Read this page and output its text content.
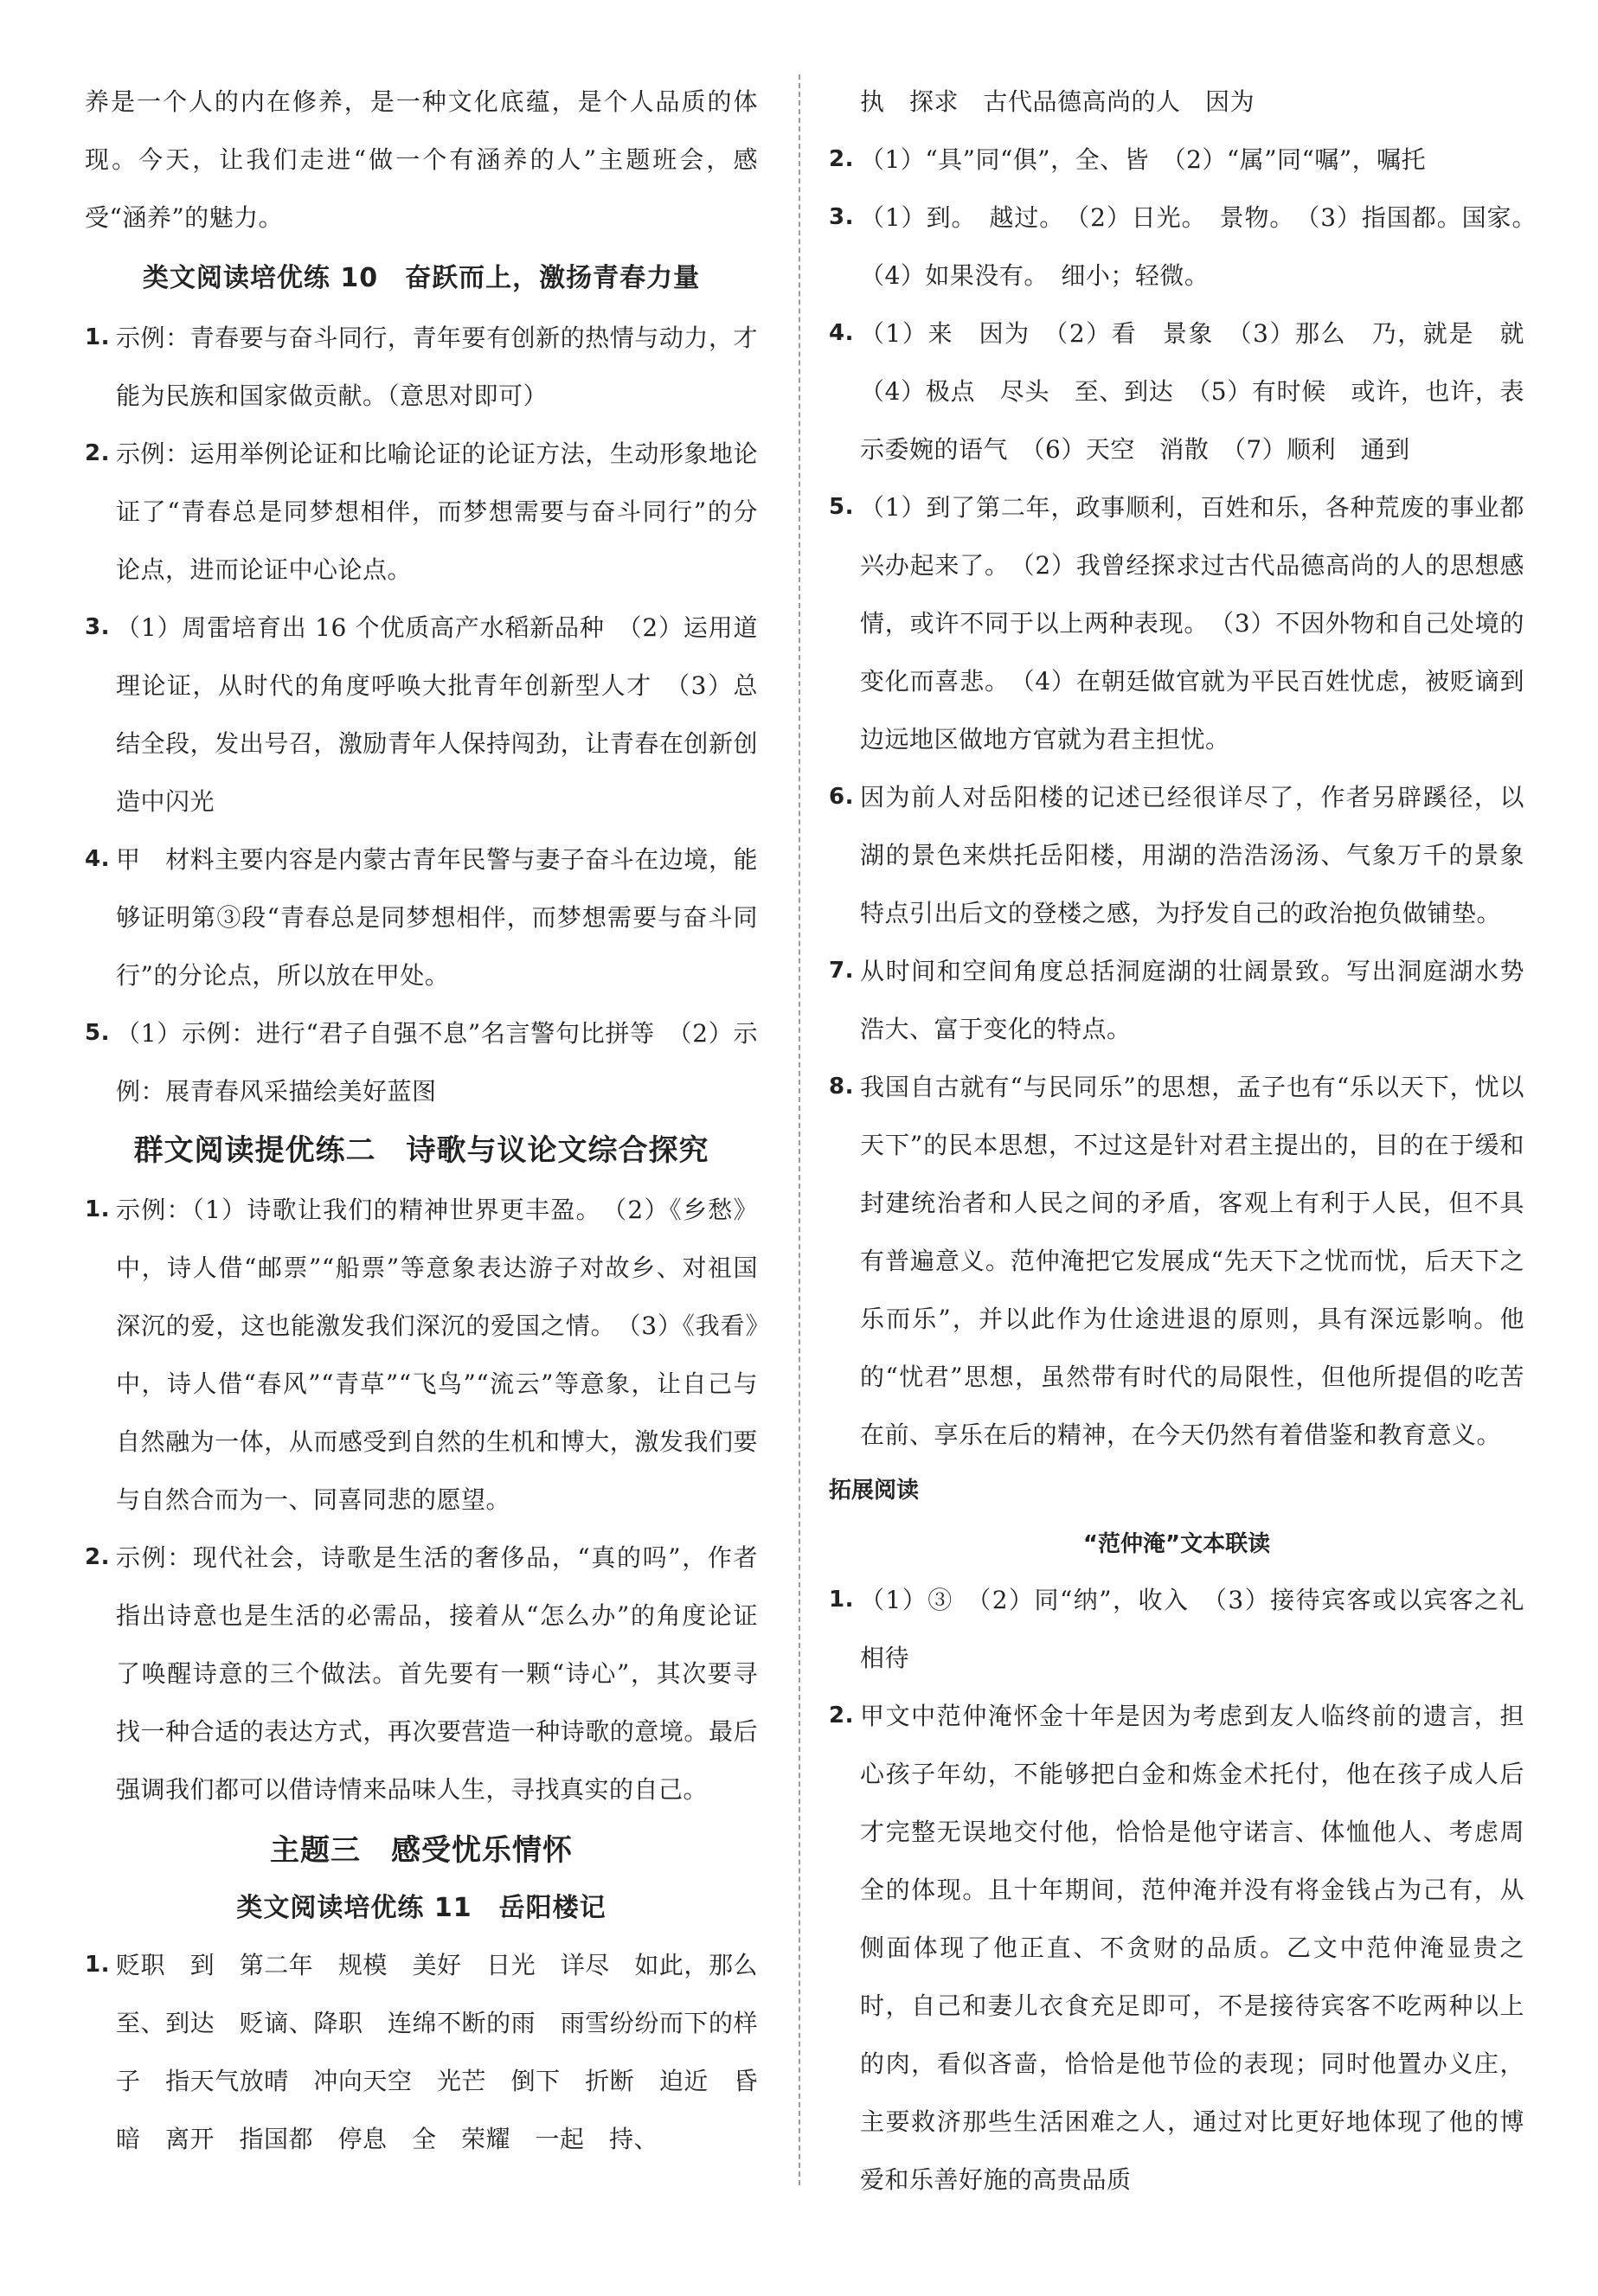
养是一个人的内在修养，是一种文化底蕴，是个人品质的体现。今天，让我们走进“做一个有涵养的人”主题班会，感受“涵养”的魅力。
类文阅读培优练 10　奋跃而上，激扬青春力量
1. 示例：青春要与奋斗同行，青年要有创新的热情与动力，才能为民族和国家做贡献。（意思对即可）
2. 示例：运用举例论证和比喻论证的论证方法，生动形象地论证了“青春总是同梦想相伴，而梦想需要与奋斗同行”的分论点，进而论证中心论点。
3. （1）周雷培育出 16 个优质高产水稻新品种　（2）运用道理论证，从时代的角度呼唤大批青年创新型人才　（3）总结全段，发出号召，激励青年人保持闯劲，让青春在创新创造中闪光
4. 甲　材料主要内容是内蒙古青年民警与妻子奋斗在边境，能够证明第③段“青春总是同梦想相伴，而梦想需要与奋斗同行”的分论点，所以放在甲处。
5. （1）示例：进行“君子自强不息”名言警句比拼等　（2）示例：展青春风采描绘美好蓝图
群文阅读提优练二　诗歌与议论文综合探究
1. 示例：（1）诗歌让我们的精神世界更丰盈。　（2）《乡愁》中，诗人借“邮票”“船票”等意象表达游子对故乡、对祖国深沉的爱，这也能激发我们深沉的爱国之情。　（3）《我看》中，诗人借“春风”“青草”“飞鸟”“流云”等意象，让自己与自然融为一体，从而感受到自然的生机和博大，激发我们要与自然合而为一、同喜同悲的愿望。
2. 示例：现代社会，诗歌是生活的奢侈品，“真的吗”，作者指出诗意也是生活的必需品，接着从“怎么办”的角度论证了唤醒诗意的三个做法。首先要有一颗“诗心”，其次要寻找一种合适的表达方式，再次要营造一种诗歌的意境。最后强调我们都可以借诗情来品味人生，寻找真实的自己。
主题三　感受忧乐情怀
类文阅读培优练 11　岳阳楼记
1. 贬职　到　第二年　规模　美好　日光　详尽　如此，那么　至、到达　贬谪、降职　连绵不断的雨　雨雪纷纷而下的样子　指天气放晴　冲向天空　光芒　倒下　折断　迫近　昏暗　离开　指国都　停息　全　荣耀　一起　持、
执　探求　古代品德高尚的人　因为
2. （1）“具”同“俱”，全、皆　（2）“属”同“嘱”，嘱托
3. （1）到。　越过。　（2）日光。　景物。　（3）指国都。国家。　（4）如果没有。　细小；轻微。
4. （1）来　因为　（2）看　景象　（3）那么　乃，就是　就　（4）极点　尽头　至、到达　（5）有时候　或许，也许，表示委婉的语气　（6）天空　消散　（7）顺利　通到
5. （1）到了第二年，政事顺利，百姓和乐，各种荒废的事业都兴办起来了。　（2）我曾经探求过古代品德高尚的人的思想感情，或许不同于以上两种表现。　（3）不因外物和自己处境的变化而喜悲。　（4）在朝廷做官就为平民百姓忧虑，被贬谪到边远地区做地方官就为君主担忧。
6. 因为前人对岳阳楼的记述已经很详尽了，作者另辟蹊径，以湖的景色来烘托岳阳楼，用湖的浩浩汤汤、气象万千的景象特点引出后文的登楼之感，为抒发自己的政治抱负做铺垫。
7. 从时间和空间角度总括洞庭湖的壮阔景致。写出洞庭湖水势浩大、富于变化的特点。
8. 我国自古就有“与民同乐”的思想，孟子也有“乐以天下，忧以天下”的民本思想，不过这是针对君主提出的，目的在于缓和封建统治者和人民之间的矛盾，客观上有利于人民，但不具有普遍意义。范仲淹把它发展成“先天下之忧而忧，后天下之乐而乐”，并以此作为仕途进退的原则，具有深远影响。他的“忧君”思想，虽然带有时代的局限性，但他所提倡的吃苦在前、享乐在后的精神，在今天仍然有着借鉴和教育意义。
拓展阅读
“范仲淹”文本联读
1. （1）③　（2）同“纳”，收入　（3）接待宾客或以宾客之礼相待
2. 甲文中范仲淹怀金十年是因为考虑到友人临终前的遗言，担心孩子年幼，不能够把白金和炼金术托付，他在孩子成人后才完整无误地交付他，恰恰是他守诺言、体恤他人、考虑周全的体现。且十年期间，范仲淹并没有将金钱占为己有，从侧面体现了他正直、不贪财的品质。乙文中范仲淹显贵之时，自己和妻儿衣食充足即可，不是接待宾客不吃两种以上的肉，看似吝啬，恰恰是他节俭的表现；同时他置办义庄，主要救济那些生活困难之人，通过对比更好地体现了他的博爱和乐善好施的高贵品质
